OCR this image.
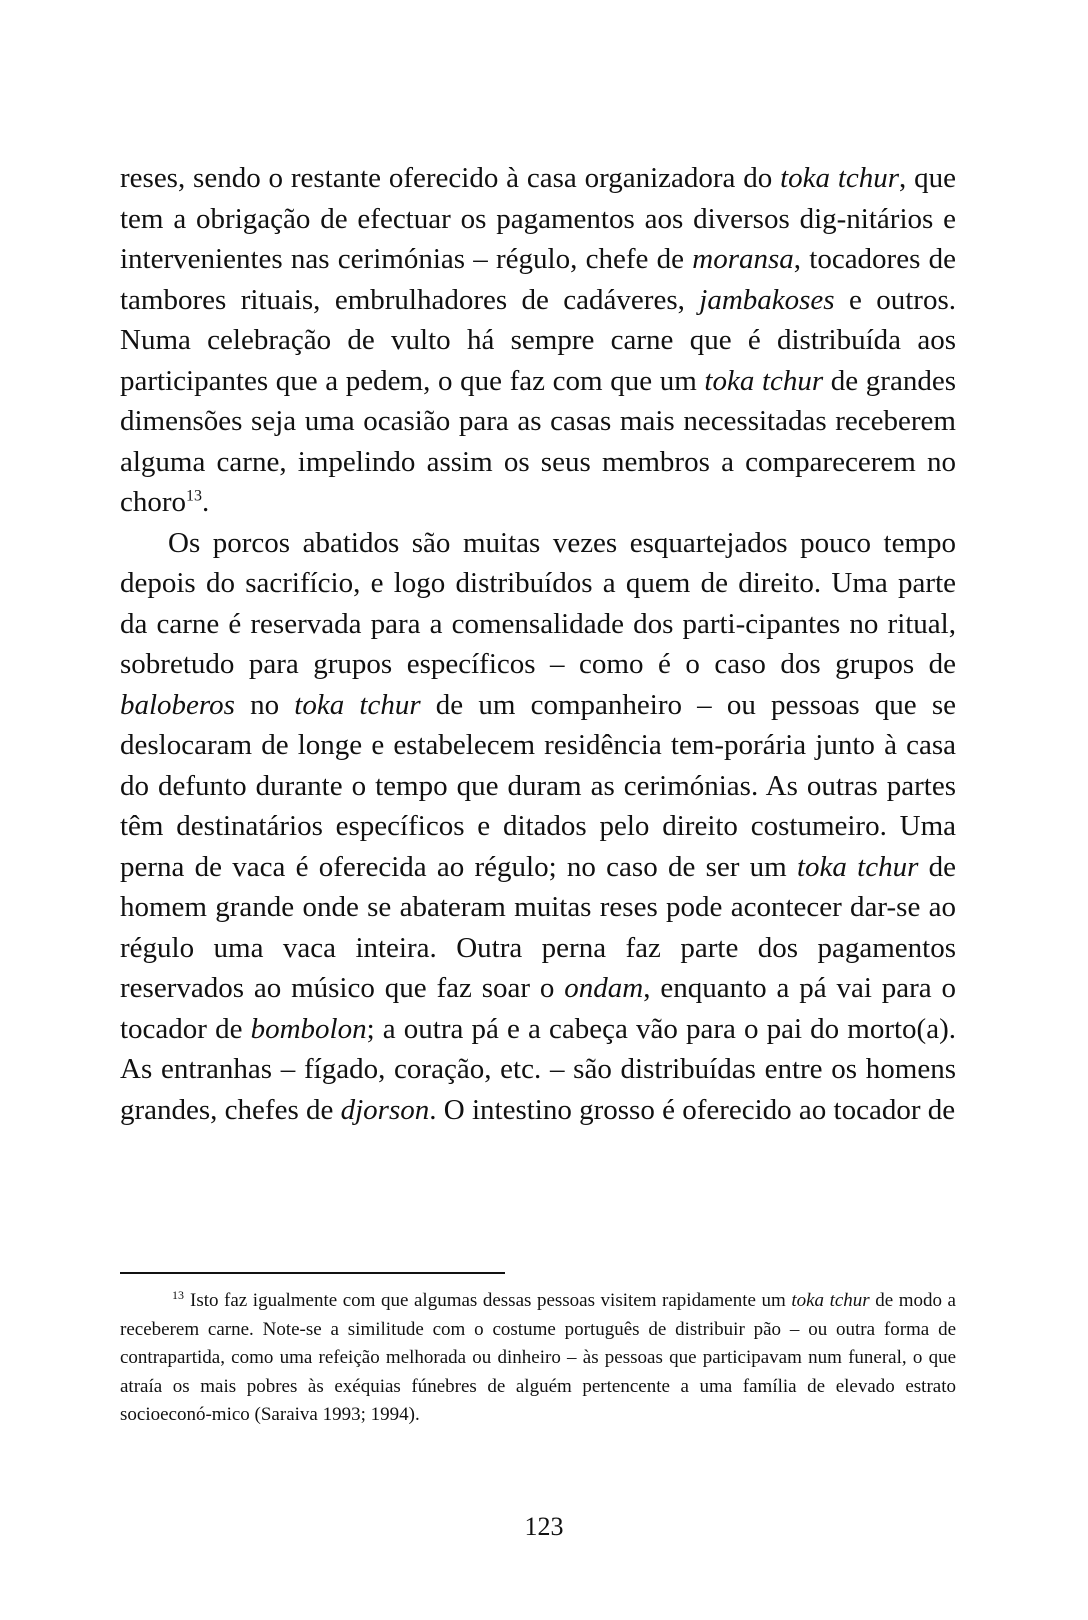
reses, sendo o restante oferecido à casa organizadora do toka tchur, que tem a obrigação de efectuar os pagamentos aos diversos dig-nitários e intervenientes nas cerimónias – régulo, chefe de moransa, tocadores de tambores rituais, embrulhadores de cadáveres, jambakoses e outros. Numa celebração de vulto há sempre carne que é distribuída aos participantes que a pedem, o que faz com que um toka tchur de grandes dimensões seja uma ocasião para as casas mais necessitadas receberem alguma carne, impelindo assim os seus membros a comparecerem no choro$^{13}$.

Os porcos abatidos são muitas vezes esquartejados pouco tempo depois do sacrifício, e logo distribuídos a quem de direito. Uma parte da carne é reservada para a comensalidade dos parti-cipantes no ritual, sobretudo para grupos específicos – como é o caso dos grupos de baloberos no toka tchur de um companheiro – ou pessoas que se deslocaram de longe e estabelecem residência tem-porária junto à casa do defunto durante o tempo que duram as cerimónias. As outras partes têm destinatários específicos e ditados pelo direito costumeiro. Uma perna de vaca é oferecida ao régulo; no caso de ser um toka tchur de homem grande onde se abateram muitas reses pode acontecer dar-se ao régulo uma vaca inteira. Outra perna faz parte dos pagamentos reservados ao músico que faz soar o ondam, enquanto a pá vai para o tocador de bombolon; a outra pá e a cabeça vão para o pai do morto(a). As entranhas – fígado, coração, etc. – são distribuídas entre os homens grandes, chefes de djorson. O intestino grosso é oferecido ao tocador de

$^{13}$ Isto faz igualmente com que algumas dessas pessoas visitem rapidamente um toka tchur de modo a receberem carne. Note-se a similitude com o costume português de distribuir pão – ou outra forma de contrapartida, como uma refeição melhorada ou dinheiro – às pessoas que participavam num funeral, o que atraía os mais pobres às exéquias fúnebres de alguém pertencente a uma família de elevado estrato socioeconó-mico (Saraiva 1993; 1994).

123
